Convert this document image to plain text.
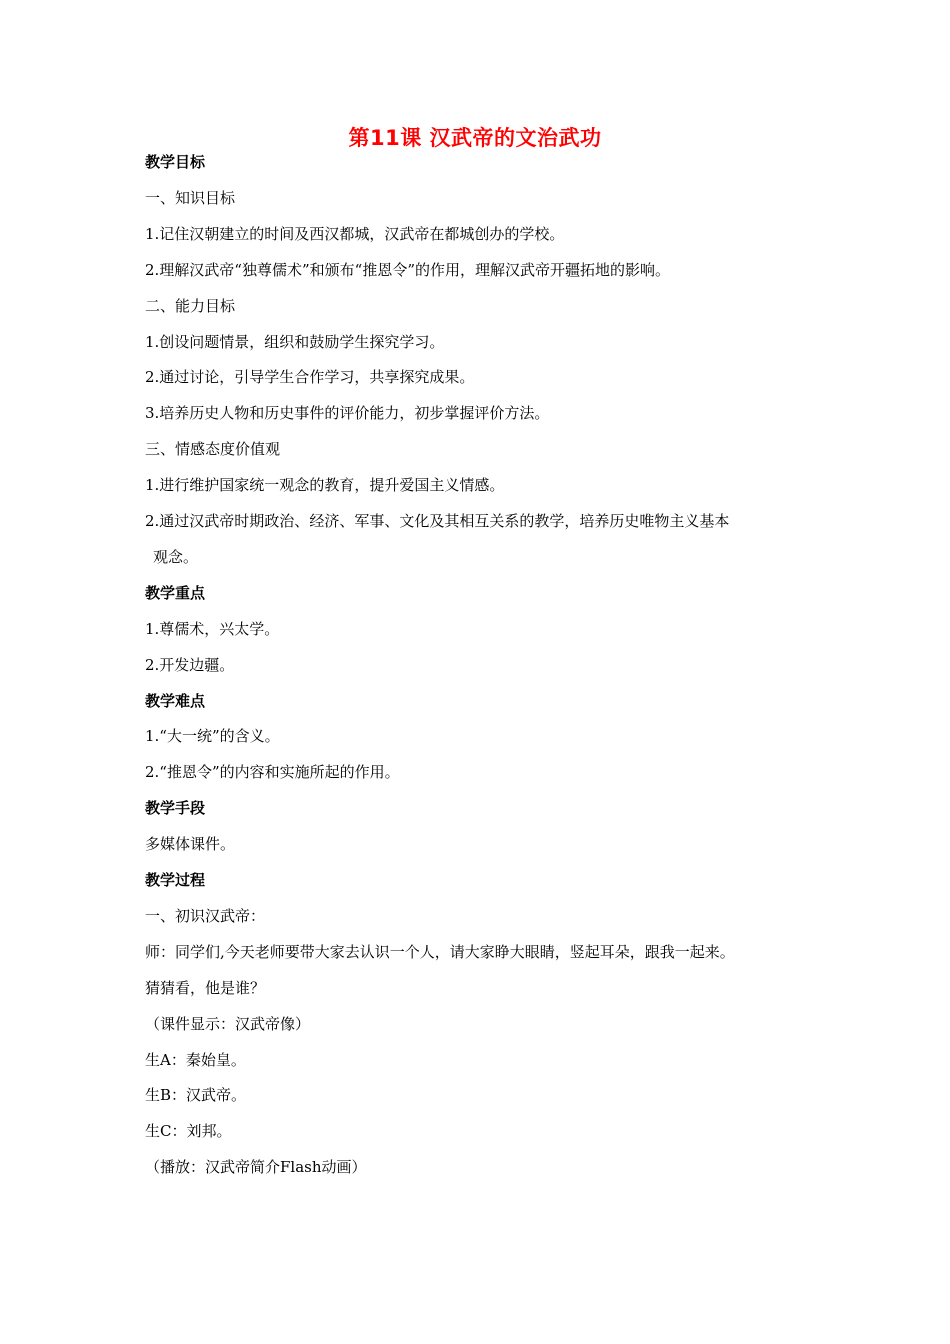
第11课 汉武帝的文治武功
教学目标
一、知识目标
1.记住汉朝建立的时间及西汉都城，汉武帝在都城创办的学校。
2.理解汉武帝“独尊儒术”和颁布“推恩令”的作用，理解汉武帝开疆拓地的影响。
二、能力目标
1.创设问题情景，组织和鼓励学生探究学习。
2.通过讨论，引导学生合作学习，共享探究成果。
3.培养历史人物和历史事件的评价能力，初步掌握评价方法。
三、情感态度价值观
1.进行维护国家统一观念的教育，提升爱国主义情感。
2.通过汉武帝时期政治、经济、军事、文化及其相互关系的教学，培养历史唯物主义基本
观念。
教学重点
1.尊儒术，兴太学。
2.开发边疆。
教学难点
1.“大一统”的含义。
2.“推恩令”的内容和实施所起的作用。
教学手段
多媒体课件。
教学过程
一、初识汉武帝：
师：同学们,今天老师要带大家去认识一个人，请大家睁大眼睛，竖起耳朵，跟我一起来。
猜猜看，他是谁？
（课件显示：汉武帝像）
生A：秦始皇。
生B：汉武帝。
生C：刘邦。
（播放：汉武帝简介Flash动画）
